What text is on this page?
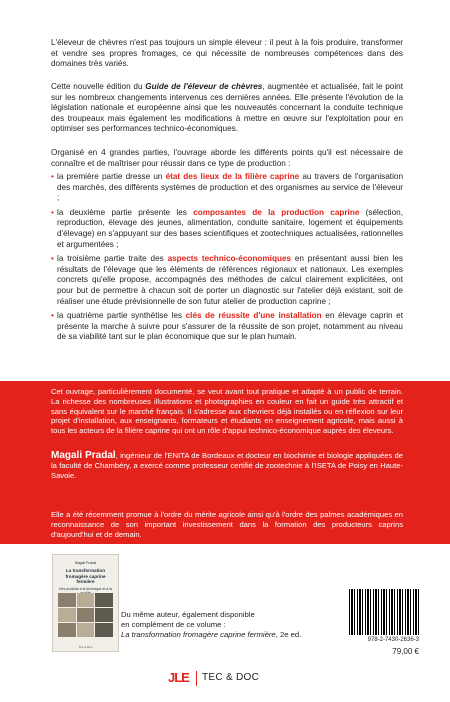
L'éleveur de chèvres n'est pas toujours un simple éleveur : il peut à la fois produire, transformer et vendre ses propres fromages, ce qui nécessite de nombreuses compétences dans des domaines très variés.

Cette nouvelle édition du Guide de l'éleveur de chèvres, augmentée et actualisée, fait le point sur les nombreux changements intervenus ces dernières années. Elle présente l'évolution de la législation nationale et européenne ainsi que les nouveautés concernant la conduite technique des troupeaux mais également les modifications à mettre en œuvre sur l'exploitation pour en optimiser ses performances technico-économiques.

Organisé en 4 grandes parties, l'ouvrage aborde les différents points qu'il est nécessaire de connaître et de maîtriser pour réussir dans ce type de production :

• la première partie dresse un état des lieux de la filière caprine au travers de l'organisation des marchés, des différents systèmes de production et des organismes au service de l'éleveur ;
• la deuxième partie présente les composantes de la production caprine (sélection, reproduction, élevage des jeunes, alimentation, conduite sanitaire, logement et équipements d'élevage) en s'appuyant sur des bases scientifiques et zootechniques actualisées, rationnelles et argumentées ;
• la troisième partie traite des aspects technico-économiques en présentant aussi bien les résultats de l'élevage que les éléments de références régionaux et nationaux. Les exemples concrets qu'elle propose, accompagnés des méthodes de calcul clairement explicitées, ont pour but de permettre à chacun soit de porter un diagnostic sur l'atelier déjà existant, soit de réaliser une étude prévisionnelle de son futur atelier de production caprine ;
• la quatrième partie synthétise les clés de réussite d'une installation en élevage caprin et présente la marche à suivre pour s'assurer de la réussite de son projet, notamment au niveau de sa viabilité tant sur le plan économique que sur le plan humain.

Cet ouvrage, particulièrement documenté, se veut avant tout pratique et adapté à un public de terrain. La richesse des nombreuses illustrations et photographies en couleur en fait un guide très attractif et sans équivalent sur le marché français. Il s'adresse aux chevriers déjà installés ou en réflexion sur leur projet d'installation, aux enseignants, formateurs et étudiants en enseignement agricole, mais aussi à tous les acteurs de la filière caprine qui ont un rôle d'appui technico-économique auprès des éleveurs.

Magali Pradal, ingénieur de l'ENITA de Bordeaux et docteur en biochimie et biologie appliquées de la faculté de Chambéry, a exercé comme professeur certifié de zootechnie à l'ISETA de Poisy en Haute-Savoie.

Elle a été récemment promue à l'ordre du mérite agricole ainsi qu'à l'ordre des palmes académiques en reconnaissance de son important investissement dans la formation des producteurs caprins d'aujourd'hui et de demain.

Magali Pradal
La transformation fromagère caprine fermière
Des produits à la technique et à la
Tec & Doc
Du même auteur, également disponible
en complément de ce volume :
La transformation fromagère caprine fermière, 2e ed.
978-2-7430-2636-3
79,00 €
JLE TEC & DOC
